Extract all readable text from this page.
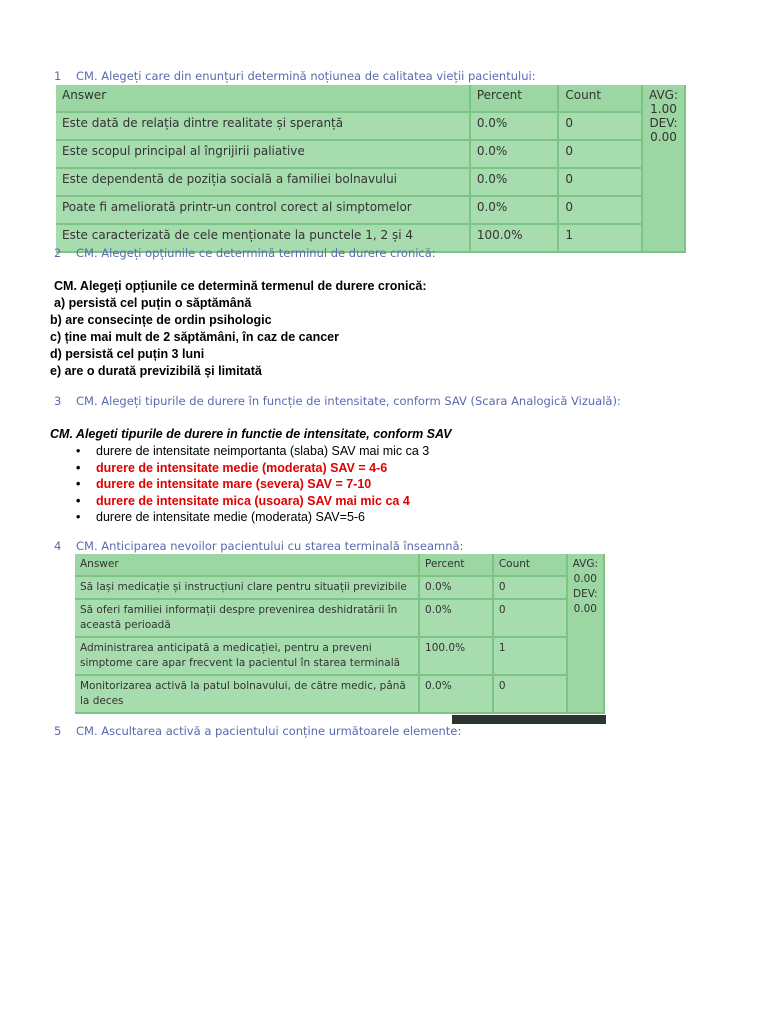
1 CM. Alegeți care din enunțuri determină noțiunea de calitatea vieții pacientului:
Answer	Percent	Count	AVG:
1.00
DEV:
0.00

Este dată de relația dintre realitate și speranță	0.0%	0	
Este scopul principal al îngrijirii paliative	0.0%	0	
Este dependentă de poziția socială a familiei bolnavului	0.0%	0	
Poate fi ameliorată printr-un control corect al simptomelor	0.0%	0	
Este caracterizată de cele menționate la punctele 1, 2 și 4	100.0%	1	
2 CM. Alegeți opțiunile ce determină terminul de durere cronică:
CM. Alegeți opțiunile ce determină termenul de durere cronică:
a) persistă cel puțin o săptămână
b) are consecințe de ordin psihologic
c) ține mai mult de 2 săptămâni, în caz de cancer
d) persistă cel puțin 3 luni
e) are o durată previzibilă și limitată
3 CM. Alegeți tipurile de durere în funcție de intensitate, conform SAV (Scara Analogică Vizuală):
CM. Alegeti tipurile de durere in functie de intensitate, conform SAV
• durere de intensitate neimportanta (slaba) SAV mai mic ca 3
• durere de intensitate medie (moderata) SAV = 4-6
• durere de intensitate mare (severa) SAV = 7-10
• durere de intensitate mica (usoara) SAV mai mic ca 4
• durere de intensitate medie (moderata) SAV=5-6
4 CM. Anticiparea nevoilor pacientului cu starea terminală înseamnă:
Answer	Percent	Count	AVG:
0.00
DEV:
0.00

Să lași medicație și instrucțiuni clare pentru situații previzibile	0.0%	0	
Să oferi familiei informații despre prevenirea deshidratării în această perioadă	0.0%	0	
Administrarea anticipată a medicației, pentru a preveni simptome care apar frecvent la pacientul în starea terminală	100.0%	1	
Monitorizarea activă la patul bolnavului, de către medic, până la deces	0.0%	0	
5 CM. Ascultarea activă a pacientului conține următoarele elemente:
